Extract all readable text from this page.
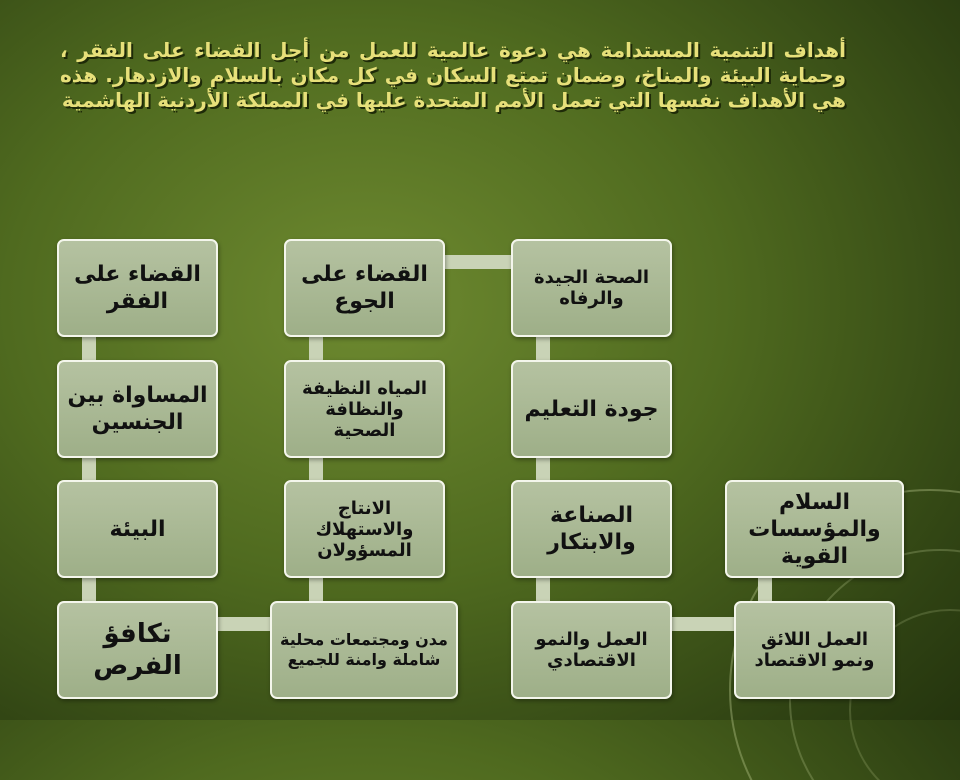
أهداف التنمية المستدامة هي دعوة عالمية للعمل من أجل القضاء على الفقر ، وحماية البيئة والمناخ، وضمان تمتع السكان في كل مكان بالسلام والازدهار. هذه هي الأهداف نفسها التي تعمل الأمم المتحدة عليها في المملكة الأردنية الهاشمية
القضاء على الفقر
المساواة بين الجنسين
البيئة
تكافؤ الفرص
القضاء على الجوع
المياه النظيفة والنظافة الصحية
الانتاج والاستهلاك المسؤولان
مدن ومجتمعات محلية شاملة وامنة للجميع
الصحة الجيدة والرفاه
جودة التعليم
الصناعة والابتكار
العمل والنمو الاقتصادي
السلام والمؤسسات القوية
العمل اللائق ونمو الاقتصاد
